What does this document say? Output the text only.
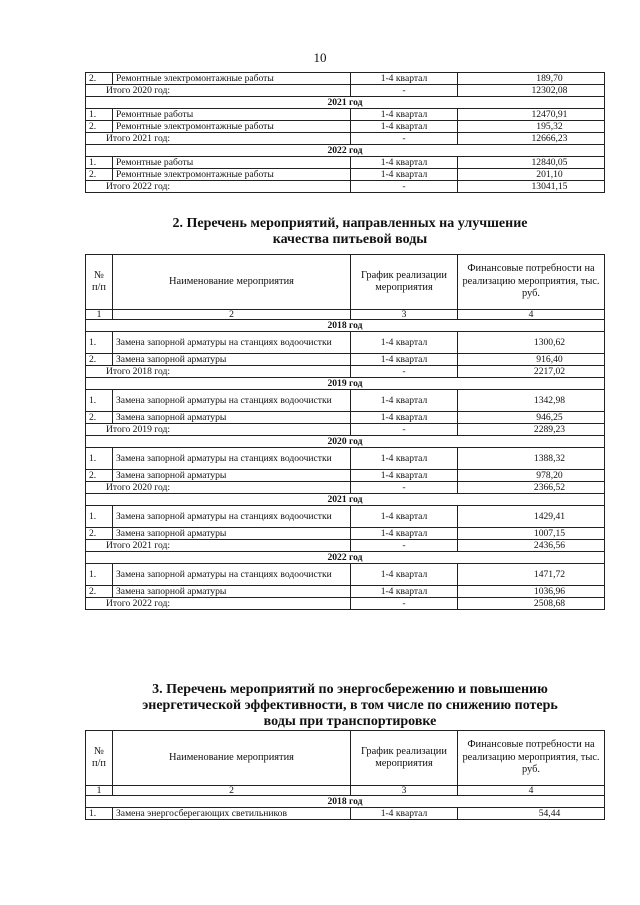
10
2.	Ремонтные электромонтажные работы	1-4 квартал	189,70
Итого 2020 год:		-	12302,08
2021 год			
1.	Ремонтные работы	1-4 квартал	12470,91
2.	Ремонтные электромонтажные работы	1-4 квартал	195,32
Итого 2021 год:		-	12666,23
2022 год			
1.	Ремонтные работы	1-4 квартал	12840,05
2.	Ремонтные электромонтажные работы	1-4 квартал	201,10
Итого 2022 год:		-	13041,15
2. Перечень мероприятий, направленных на улучшение
качества питьевой воды
№ п/п	Наименование мероприятия	График реализации мероприятия	Финансовые потребности на реализацию мероприятия, тыс. руб.
1	2	3	4
2018 год			
1.	Замена запорной арматуры на станциях водоочистки	1-4 квартал	1300,62
2.	Замена запорной арматуры	1-4 квартал	916,40
Итого 2018 год:		-	2217,02
2019 год			
1.	Замена запорной арматуры на станциях водоочистки	1-4 квартал	1342,98
2.	Замена запорной арматуры	1-4 квартал	946,25
Итого 2019 год:		-	2289,23
2020 год			
1.	Замена запорной арматуры на станциях водоочистки	1-4 квартал	1388,32
2.	Замена запорной арматуры	1-4 квартал	978,20
Итого 2020 год:		-	2366,52
2021 год			
1.	Замена запорной арматуры на станциях водоочистки	1-4 квартал	1429,41
2.	Замена запорной арматуры	1-4 квартал	1007,15
Итого 2021 год:		-	2436,56
2022 год			
1.	Замена запорной арматуры на станциях водоочистки	1-4 квартал	1471,72
2.	Замена запорной арматуры	1-4 квартал	1036,96
Итого 2022 год:		-	2508,68
3. Перечень мероприятий по энергосбережению и повышению
энергетической эффективности, в том числе по снижению потерь
воды при транспортировке
№ п/п	Наименование мероприятия	График реализации мероприятия	Финансовые потребности на реализацию мероприятия, тыс. руб.
1	2	3	4
2018 год			
1.	Замена энергосберегающих светильников	1-4 квартал	54,44
